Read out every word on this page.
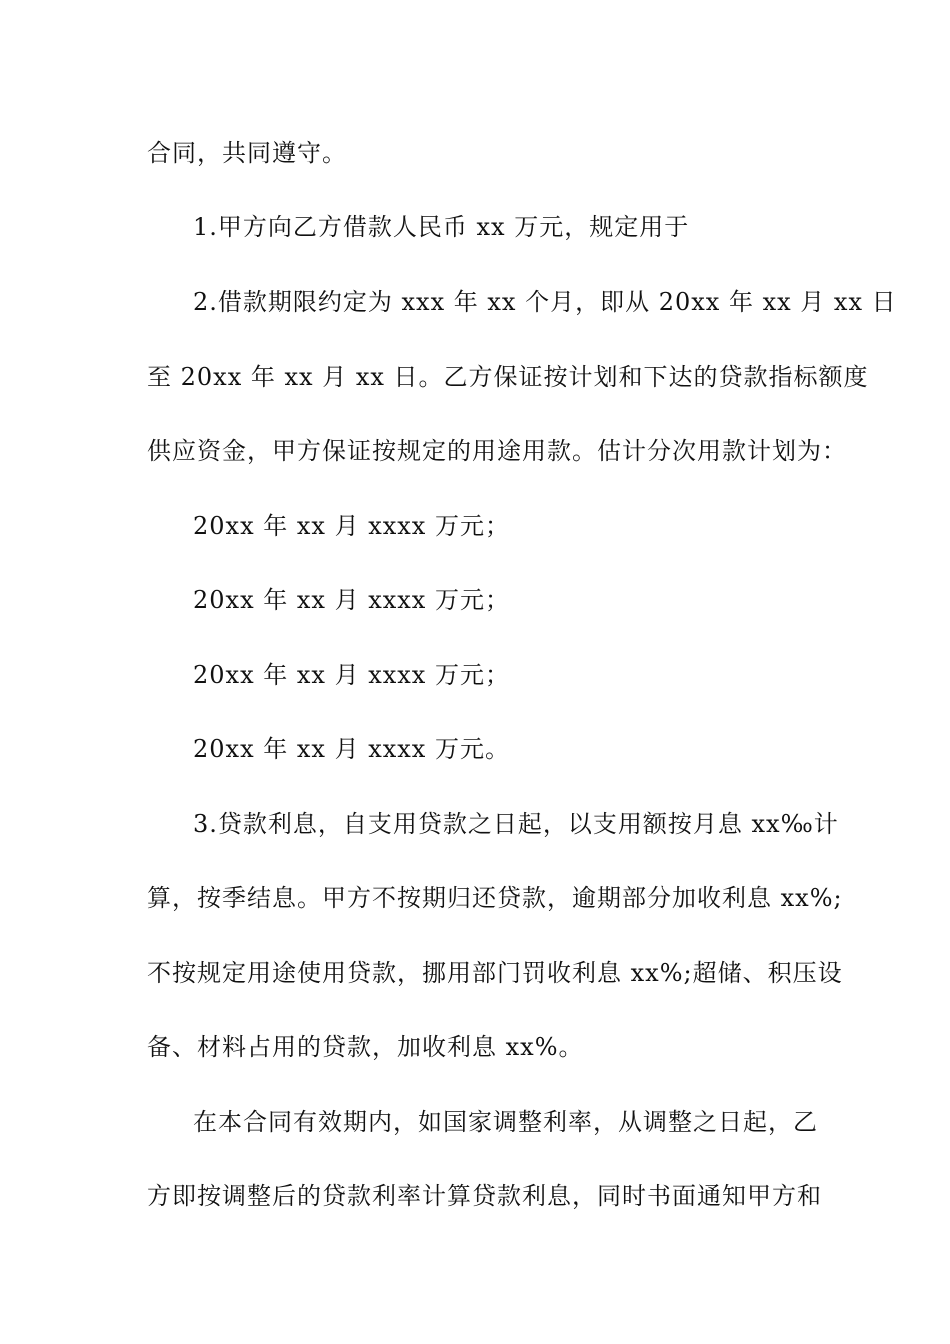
合同，共同遵守。
1.甲方向乙方借款人民币 xx 万元，规定用于
2.借款期限约定为 xxx 年 xx 个月，即从 20xx 年 xx 月 xx 日
至 20xx 年 xx 月 xx 日。乙方保证按计划和下达的贷款指标额度
供应资金，甲方保证按规定的用途用款。估计分次用款计划为：
20xx 年 xx 月 xxxx 万元；
20xx 年 xx 月 xxxx 万元；
20xx 年 xx 月 xxxx 万元；
20xx 年 xx 月 xxxx 万元。
3.贷款利息，自支用贷款之日起，以支用额按月息 xx‰计
算，按季结息。甲方不按期归还贷款，逾期部分加收利息 xx%;
不按规定用途使用贷款，挪用部门罚收利息 xx%;超储、积压设
备、材料占用的贷款，加收利息 xx%。
在本合同有效期内，如国家调整利率，从调整之日起，乙
方即按调整后的贷款利率计算贷款利息，同时书面通知甲方和
